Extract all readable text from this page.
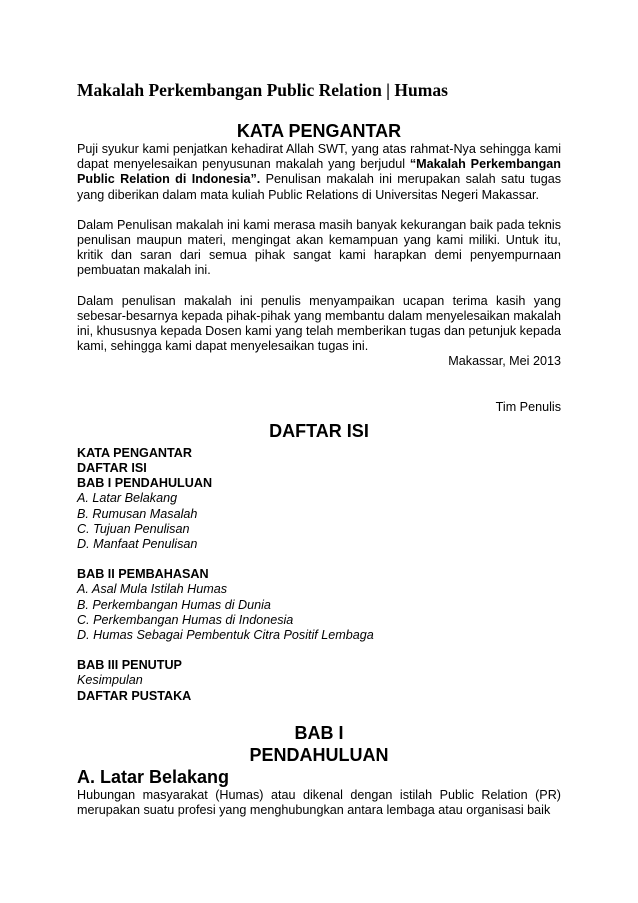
Makalah Perkembangan Public Relation | Humas
KATA PENGANTAR

Puji syukur kami penjatkan kehadirat Allah SWT, yang atas rahmat-Nya sehingga kami dapat menyelesaikan penyusunan makalah yang berjudul “Makalah Perkembangan Public Relation di Indonesia”. Penulisan makalah ini merupakan salah satu tugas yang diberikan dalam mata kuliah Public Relations di Universitas Negeri Makassar.

Dalam Penulisan makalah ini kami merasa masih banyak kekurangan baik pada teknis penulisan maupun materi, mengingat akan kemampuan yang kami miliki. Untuk itu, kritik dan saran dari semua pihak sangat kami harapkan demi penyempurnaan pembuatan makalah ini.

Dalam penulisan makalah ini penulis menyampaikan ucapan terima kasih yang sebesar-besarnya kepada pihak-pihak yang membantu dalam menyelesaikan makalah ini, khususnya kepada Dosen kami yang telah memberikan tugas dan petunjuk kepada kami, sehingga kami dapat menyelesaikan tugas ini.

Makassar, Mei 2013
Tim Penulis
DAFTAR ISI
KATA PENGANTAR
DAFTAR ISI
BAB I PENDAHULUAN
A. Latar Belakang
B. Rumusan Masalah
C. Tujuan Penulisan
D. Manfaat Penulisan
BAB II PEMBAHASAN
A. Asal Mula Istilah Humas
B. Perkembangan Humas di Dunia
C. Perkembangan Humas di Indonesia
D. Humas Sebagai Pembentuk Citra Positif Lembaga
BAB III PENUTUP
Kesimpulan
DAFTAR PUSTAKA
BAB I
PENDAHULUAN
A. Latar Belakang

Hubungan masyarakat (Humas) atau dikenal dengan istilah Public Relation (PR) merupakan suatu profesi yang menghubungkan antara lembaga atau organisasi baik
